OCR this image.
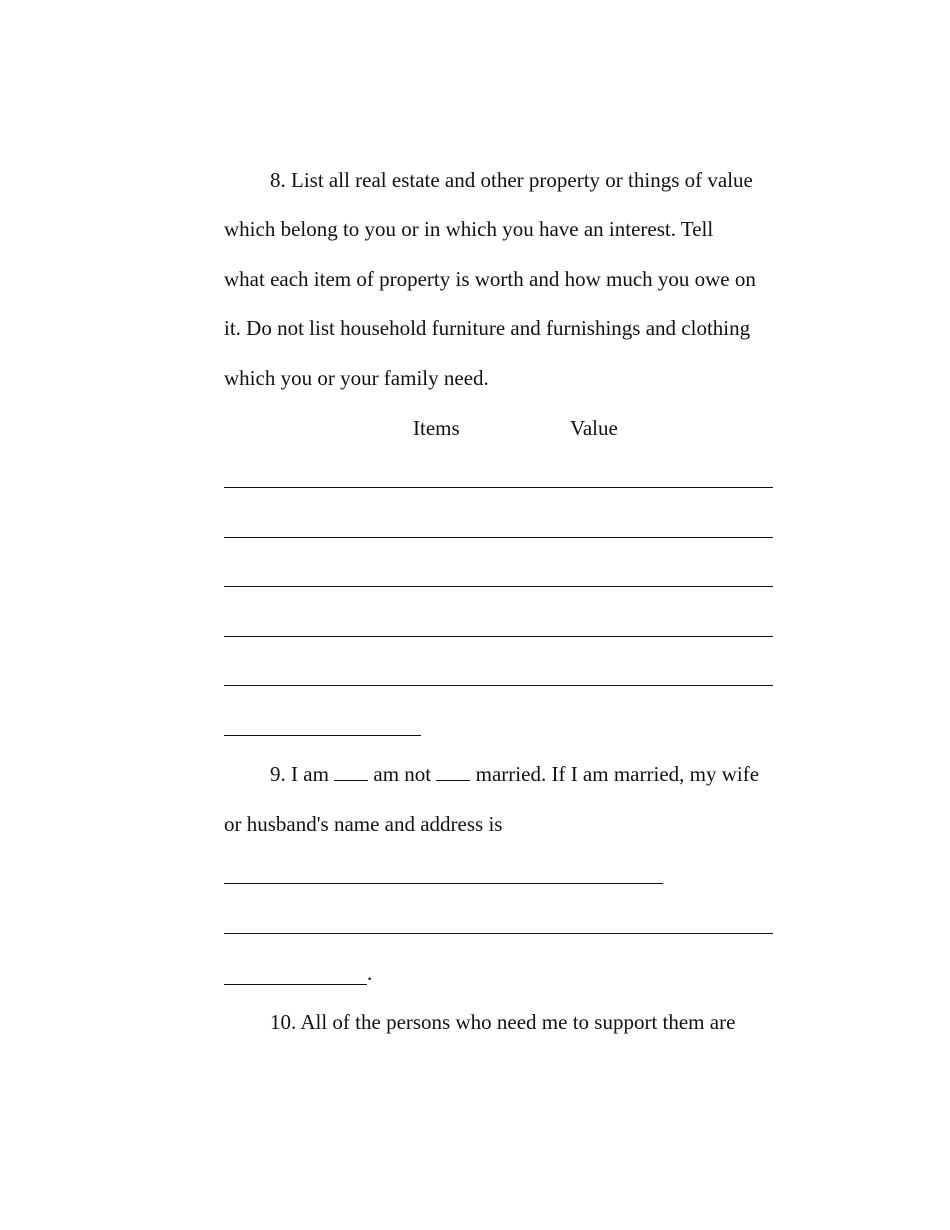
8. List all real estate and other property or things of value

which belong to you or in which you have an interest. Tell

what each item of property is worth and how much you owe on

it. Do not list household furniture and furnishings and clothing

which you or your family need.

Items	Value

9. I am am not married. If I am married, my wife

or husband's name and address is

.

10. All of the persons who need me to support them are
